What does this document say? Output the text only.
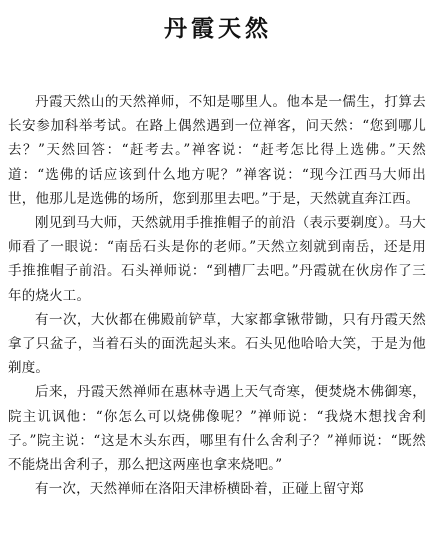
丹霞天然

丹霞天然山的天然禅师，不知是哪里人。他本是一儒生，打算去长安参加科举考试。在路上偶然遇到一位禅客，问天然：“您到哪儿去？”天然回答：“赶考去。”禅客说：“赶考怎比得上选佛。”天然道：“选佛的话应该到什么地方呢？”禅客说：“现今江西马大师出世，他那儿是选佛的场所，您到那里去吧。”于是，天然就直奔江西。

刚见到马大师，天然就用手推推帽子的前沿（表示要剃度）。马大师看了一眼说：“南岳石头是你的老师。”天然立刻就到南岳，还是用手推推帽子前沿。石头禅师说：“到槽厂去吧。”丹霞就在伙房作了三年的烧火工。

有一次，大伙都在佛殿前铲草，大家都拿锹带锄，只有丹霞天然拿了只盆子，当着石头的面洗起头来。石头见他哈哈大笑，于是为他剃度。

后来，丹霞天然禅师在惠林寺遇上天气奇寒，便焚烧木佛御寒，院主讥讽他：“你怎么可以烧佛像呢？”禅师说：“我烧木想找舍利子。”院主说：“这是木头东西，哪里有什么舍利子？”禅师说：“既然不能烧出舍利子，那么把这两座也拿来烧吧。”

有一次，天然禅师在洛阳天津桥横卧着，正碰上留守郑
